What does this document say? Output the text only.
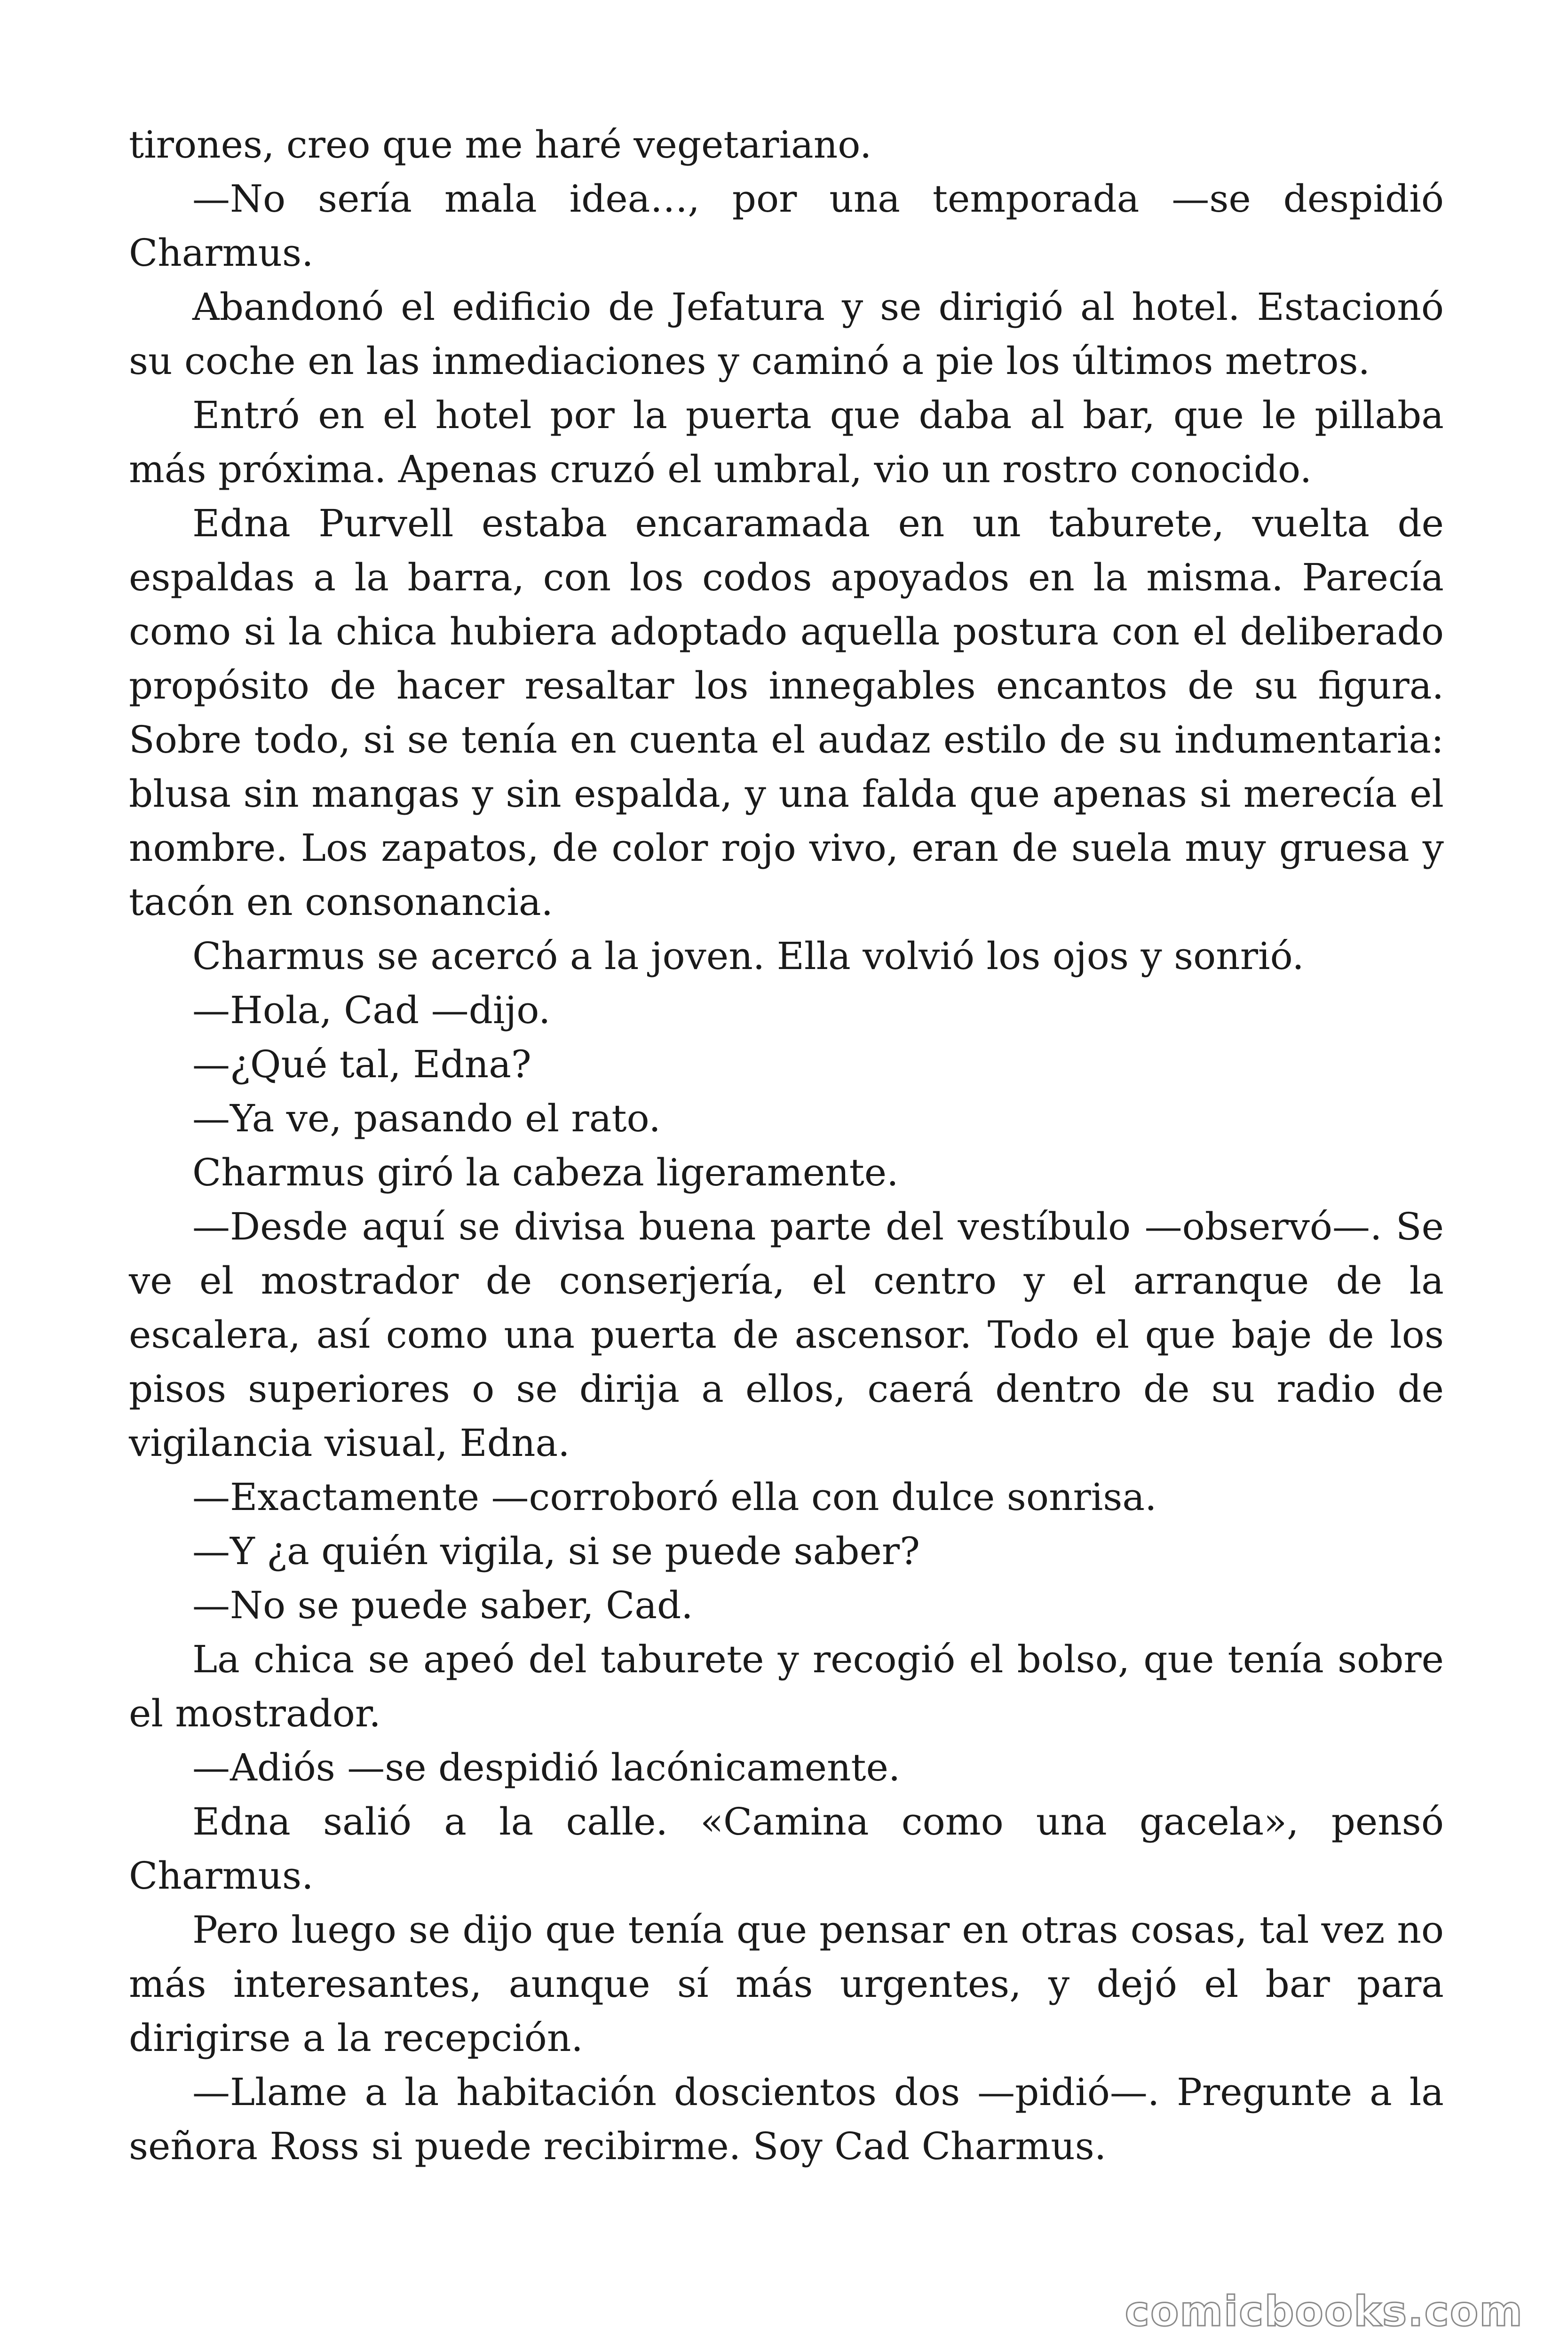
tirones, creo que me haré vegetariano.

—No sería mala idea…, por una temporada —se despidió Charmus.

Abandonó el edificio de Jefatura y se dirigió al hotel. Estacionó su coche en las inmediaciones y caminó a pie los últimos metros.

Entró en el hotel por la puerta que daba al bar, que le pillaba más próxima. Apenas cruzó el umbral, vio un rostro conocido.

Edna Purvell estaba encaramada en un taburete, vuelta de espaldas a la barra, con los codos apoyados en la misma. Parecía como si la chica hubiera adoptado aquella postura con el deliberado propósito de hacer resaltar los innegables encantos de su figura. Sobre todo, si se tenía en cuenta el audaz estilo de su indumentaria: blusa sin mangas y sin espalda, y una falda que apenas si merecía el nombre. Los zapatos, de color rojo vivo, eran de suela muy gruesa y tacón en consonancia.

Charmus se acercó a la joven. Ella volvió los ojos y sonrió.

—Hola, Cad —dijo.

—¿Qué tal, Edna?

—Ya ve, pasando el rato.

Charmus giró la cabeza ligeramente.

—Desde aquí se divisa buena parte del vestíbulo —observó—. Se ve el mostrador de conserjería, el centro y el arranque de la escalera, así como una puerta de ascensor. Todo el que baje de los pisos superiores o se dirija a ellos, caerá dentro de su radio de vigilancia visual, Edna.

—Exactamente —corroboró ella con dulce sonrisa.

—Y ¿a quién vigila, si se puede saber?

—No se puede saber, Cad.

La chica se apeó del taburete y recogió el bolso, que tenía sobre el mostrador.

—Adiós —se despidió lacónicamente.

Edna salió a la calle. «Camina como una gacela», pensó Charmus.

Pero luego se dijo que tenía que pensar en otras cosas, tal vez no más interesantes, aunque sí más urgentes, y dejó el bar para dirigirse a la recepción.

—Llame a la habitación doscientos dos —pidió—. Pregunte a la señora Ross si puede recibirme. Soy Cad Charmus.

comicbooks.com
